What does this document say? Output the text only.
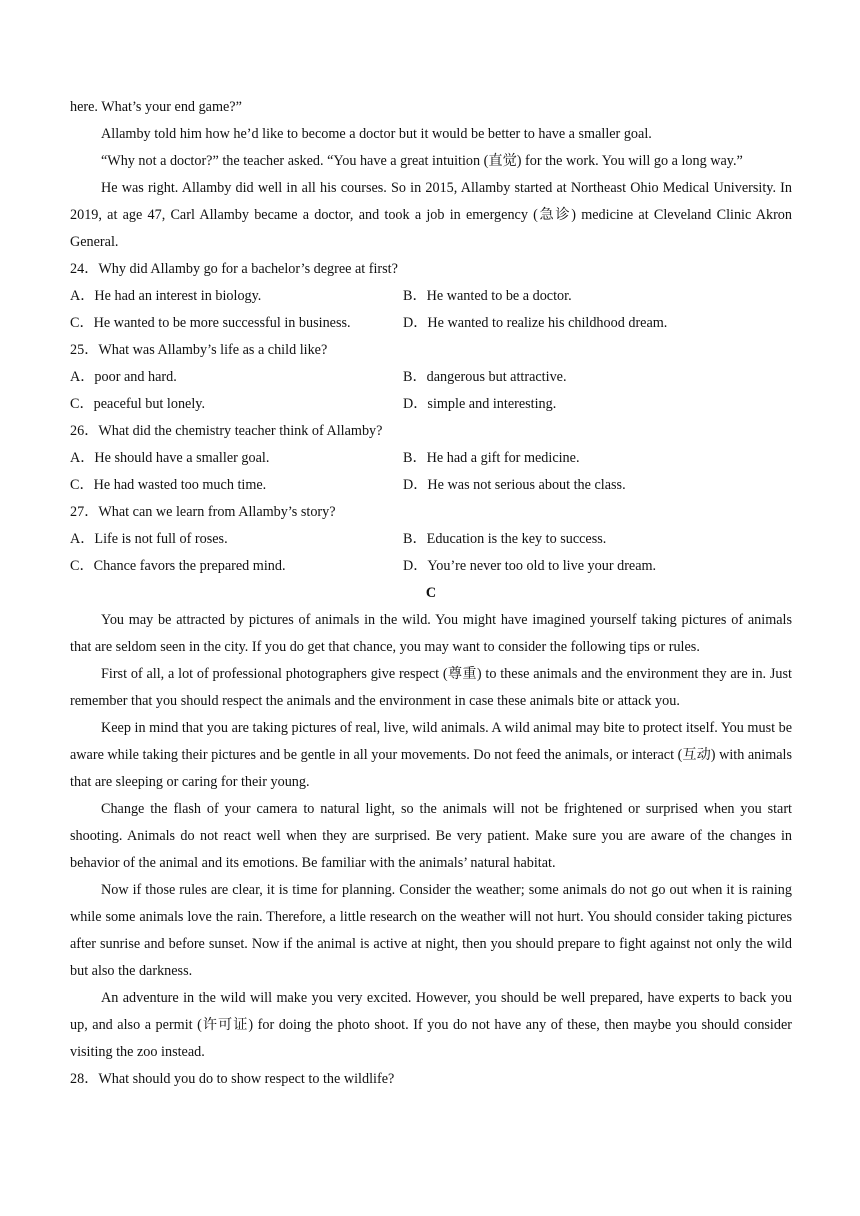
here. What’s your end game?”

Allamby told him how he’d like to become a doctor but it would be better to have a smaller goal.

“Why not a doctor?” the teacher asked. “You have a great intuition (直觉) for the work. You will go a long way.”

He was right. Allamby did well in all his courses. So in 2015, Allamby started at Northeast Ohio Medical University. In 2019, at age 47, Carl Allamby became a doctor, and took a job in emergency (急诊) medicine at Cleveland Clinic Akron General.

24．Why did Allamby go for a bachelor’s degree at first?

A．He had an interest in biology.	B．He wanted to be a doctor.

C．He wanted to be more successful in business.	D．He wanted to realize his childhood dream.

25．What was Allamby’s life as a child like?

A．poor and hard.	B．dangerous but attractive.

C．peaceful but lonely.	D．simple and interesting.

26．What did the chemistry teacher think of Allamby?

A．He should have a smaller goal.	B．He had a gift for medicine.

C．He had wasted too much time.	D．He was not serious about the class.

27．What can we learn from Allamby’s story?

A．Life is not full of roses.	B．Education is the key to success.

C．Chance favors the prepared mind.	D．You’re never too old to live your dream.

C

You may be attracted by pictures of animals in the wild. You might have imagined yourself taking pictures of animals that are seldom seen in the city. If you do get that chance, you may want to consider the following tips or rules.

First of all, a lot of professional photographers give respect (尊重) to these animals and the environment they are in. Just remember that you should respect the animals and the environment in case these animals bite or attack you.

Keep in mind that you are taking pictures of real, live, wild animals. A wild animal may bite to protect itself. You must be aware while taking their pictures and be gentle in all your movements. Do not feed the animals, or interact (互动) with animals that are sleeping or caring for their young.

Change the flash of your camera to natural light, so the animals will not be frightened or surprised when you start shooting. Animals do not react well when they are surprised. Be very patient. Make sure you are aware of the changes in behavior of the animal and its emotions. Be familiar with the animals’ natural habitat.

Now if those rules are clear, it is time for planning. Consider the weather; some animals do not go out when it is raining while some animals love the rain. Therefore, a little research on the weather will not hurt. You should consider taking pictures after sunrise and before sunset. Now if the animal is active at night, then you should prepare to fight against not only the wild but also the darkness.

An adventure in the wild will make you very excited. However, you should be well prepared, have experts to back you up, and also a permit (许可证) for doing the photo shoot. If you do not have any of these, then maybe you should consider visiting the zoo instead.

28．What should you do to show respect to the wildlife?
